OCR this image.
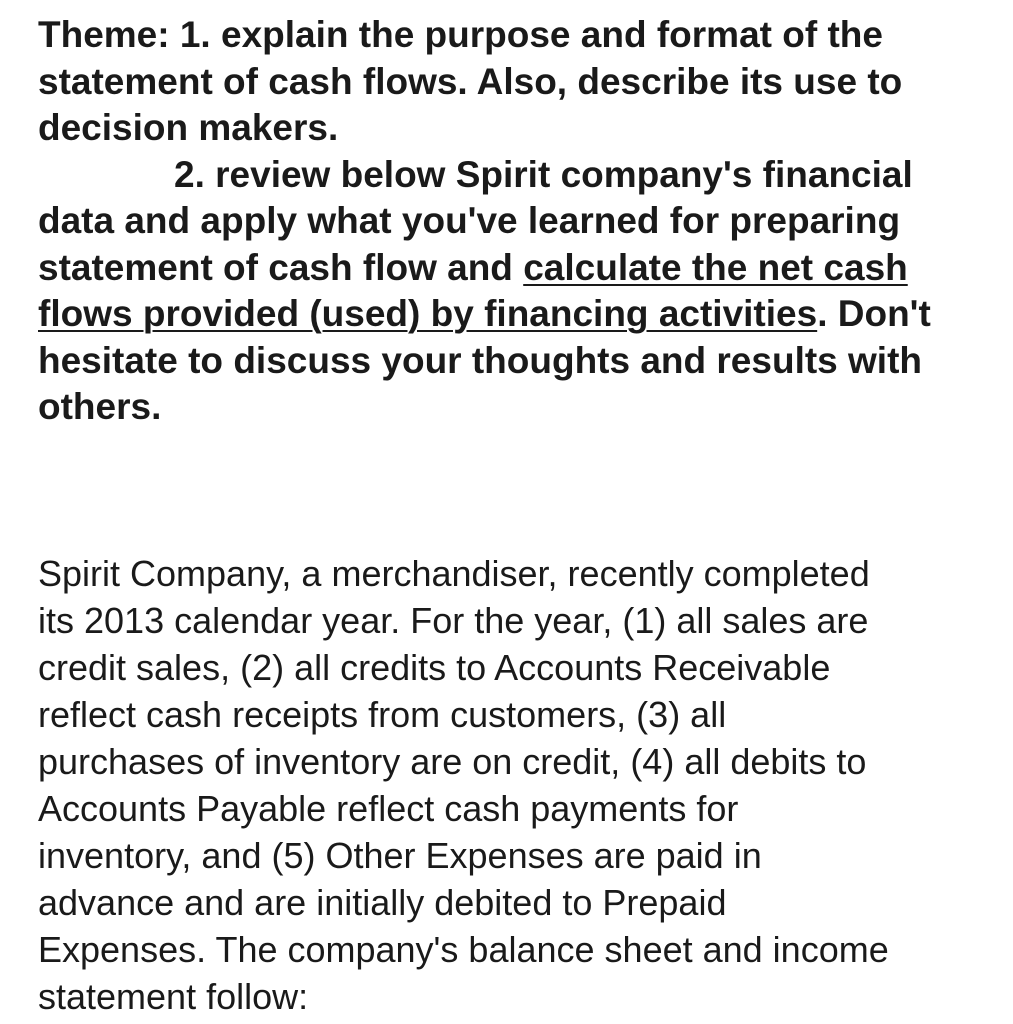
Theme: 1. explain the purpose and format of the
statement of cash flows. Also, describe its use to
decision makers.
2. review below Spirit company's financial
data and apply what you've learned for preparing
statement of cash flow and calculate the net cash
flows provided (used) by financing activities. Don't
hesitate to discuss your thoughts and results with
others.
Spirit Company, a merchandiser, recently completed
its 2013 calendar year. For the year, (1) all sales are
credit sales, (2) all credits to Accounts Receivable
reflect cash receipts from customers, (3) all
purchases of inventory are on credit, (4) all debits to
Accounts Payable reflect cash payments for
inventory, and (5) Other Expenses are paid in
advance and are initially debited to Prepaid
Expenses. The company's balance sheet and income
statement follow:
